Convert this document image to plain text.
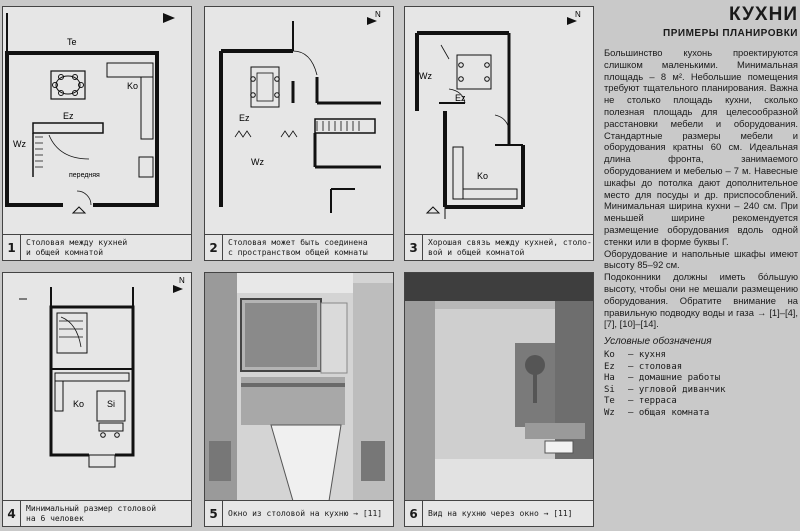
Te
Ko
Ez
Wz
передняя
1	Столовая между кухней
и общей комнатой
Ez
Wz
N
2	Столовая может быть соединена
с пространством общей комнаты
Wz
Ez
Ko
N
3	Хорошая связь между кухней, столо-
вой и общей комнатой
Ko	Si
N
4	Минимальный размер столовой
на 6 человек	5	Окно из столовой на кухню → [11]	6	Вид на кухню через окно → [11]
КУХНИ
ПРИМЕРЫ ПЛАНИРОВКИ

Большинство кухонь проектируются слишком маленькими. Минимальная площадь – 8 м². Небольшие помещения требуют тщательного планирования. Важна не столько площадь кухни, сколько полезная площадь для целесообразной расстановки мебели и оборудования. Стандартные размеры мебели и оборудования кратны 60 см. Идеальная длина фронта, занимаемого оборудованием и мебелью – 7 м. Навесные шкафы до потолка дают дополнительное место для посуды и др. приспособлений. Минимальная ширина кухни – 240 см. При меньшей ширине рекомендуется размещение оборудования вдоль одной стенки или в форме буквы Г.

Оборудование и напольные шкафы имеют высоту 85–92 см.

Подоконники должны иметь бо́льшую высоту, чтобы они не мешали размещению оборудования. Обратите внимание на правильную подводку воды и газа → [1]–[4], [7], [10]–[14].

Условные обозначения
Ko	– кухня
Ez	– столовая
Ha	– домашние работы
Si	– угловой диванчик
Te	– терраса
Wz	– общая комната
